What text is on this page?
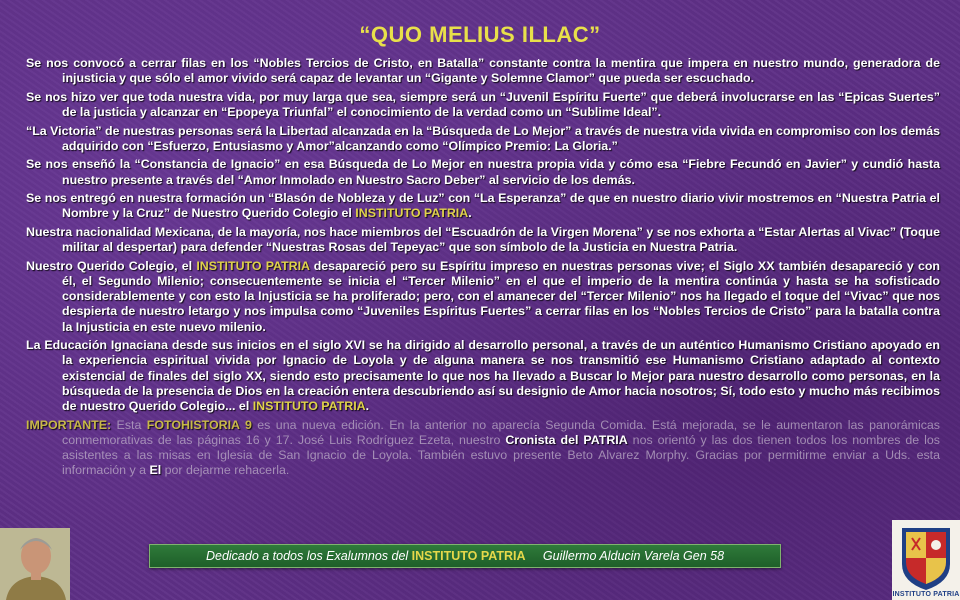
“QUO MELIUS ILLAC”

Se nos convocó a cerrar filas en los “Nobles Tercios de Cristo, en Batalla” constante contra la mentira que impera en nuestro mundo, generadora de injusticia y que sólo el amor vivido será capaz de levantar un “Gigante y Solemne Clamor” que pueda ser escuchado.

Se nos hizo ver que toda nuestra vida, por muy larga que sea, siempre será un “Juvenil Espíritu Fuerte” que deberá involucrarse en las “Epicas Suertes” de la justicia y alcanzar en “Epopeya Triunfal” el conocimiento de la verdad como un “Sublime Ideal”.

“La Victoria” de nuestras personas será la Libertad alcanzada en la “Búsqueda de Lo Mejor” a través de nuestra vida vivida en compromiso con los demás adquirido con “Esfuerzo, Entusiasmo y Amor”alcanzando como “Olímpico Premio: La Gloria.”

Se nos enseñó la “Constancia de Ignacio” en esa Búsqueda de Lo Mejor en nuestra propia vida y cómo esa “Fiebre Fecundó en Javier” y cundió hasta nuestro presente a través del “Amor Inmolado en Nuestro Sacro Deber” al servicio de los demás.

Se nos entregó en nuestra formación un “Blasón de Nobleza y de Luz” con “La Esperanza” de que en nuestro diario vivir mostremos en “Nuestra Patria el Nombre y la Cruz” de Nuestro Querido Colegio el INSTITUTO PATRIA.

Nuestra nacionalidad Mexicana, de la mayoría, nos hace miembros del “Escuadrón de la Virgen Morena” y se nos exhorta a “Estar Alertas al Vivac” (Toque militar al despertar) para defender “Nuestras Rosas del Tepeyac” que son símbolo de la Justicia en Nuestra Patria.

Nuestro Querido Colegio, el INSTITUTO PATRIA desapareció pero su Espíritu impreso en nuestras personas vive; el Siglo XX también desapareció y con él, el Segundo Milenio; consecuentemente se inicia el “Tercer Milenio” en el que el imperio de la mentira continúa y hasta se ha sofisticado considerablemente y con esto la Injusticia se ha proliferado; pero, con el amanecer del “Tercer Milenio” nos ha llegado el toque del “Vivac” que nos despierta de nuestro letargo y nos impulsa como “Juveniles Espíritus Fuertes” a cerrar filas en los “Nobles Tercios de Cristo” para la batalla contra la Injusticia en este nuevo milenio.

La Educación Ignaciana desde sus inicios en el siglo XVI se ha dirigido al desarrollo personal, a través de un auténtico Humanismo Cristiano apoyado en la experiencia espiritual vivida por Ignacio de Loyola y de alguna manera se nos transmitió ese Humanismo Cristiano adaptado al contexto existencial de finales del siglo XX, siendo esto precisamente lo que nos ha llevado a Buscar lo Mejor para nuestro desarrollo como personas, en la búsqueda de la presencia de Dios en la creación entera descubriendo así su designio de Amor hacia nosotros; Sí, todo esto y mucho más recibimos de nuestro Querido Colegio... el INSTITUTO PATRIA.

IMPORTANTE: Esta FOTOHISTORIA 9 es una nueva edición. En la anterior no aparecía Segunda Comida. Está mejorada, se le aumentaron las panorámicas conmemorativas de las páginas 16 y 17. José Luis Rodríguez Ezeta, nuestro Cronista del PATRIA nos orientó y las dos tienen todos los nombres de los asistentes a las misas en Iglesia de San Ignacio de Loyola. También estuvo presente Beto Alvarez Morphy. Gracias por permitirme enviar a Uds. esta información y a El por dejarme rehacerla.

Dedicado a todos los Exalumnos del INSTITUTO PATRIA     Guillermo Alducin Varela Gen 58
INSTITUTO PATRIA
